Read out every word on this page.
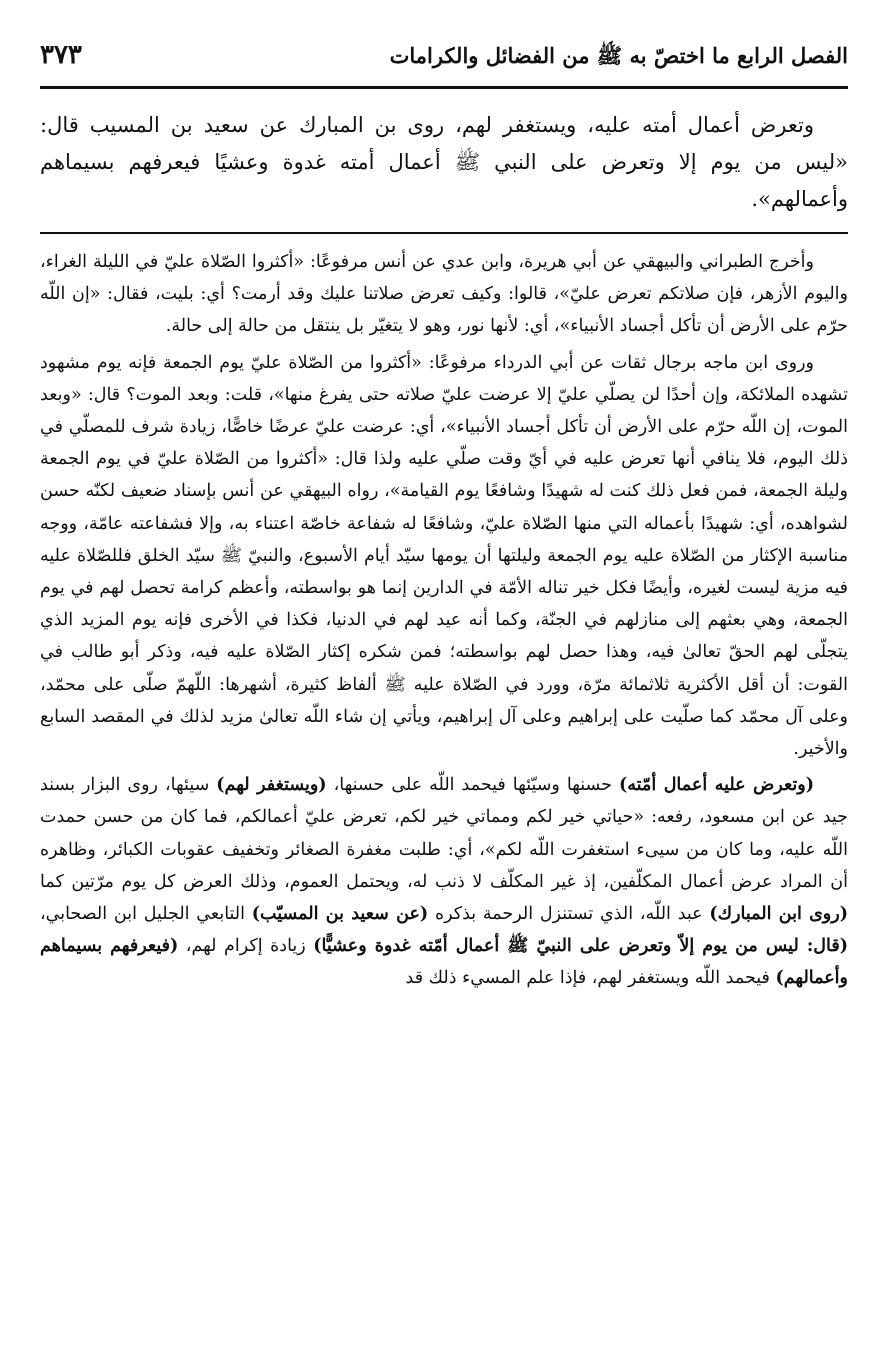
الفصل الرابع ما اختصّ به ﷺ من الفضائل والكرامات
٣٧٣

وتعرض أعمال أمته عليه، ويستغفر لهم، روى بن المبارك عن سعيد بن المسيب قال: «ليس من يوم إلا وتعرض على النبي ﷺ أعمال أمته غدوة وعشيًا فيعرفهم بسيماهم وأعمالهم».

وأخرج الطبراني والبيهقي عن أبي هريرة، وابن عدي عن أنس مرفوعًا: «أكثروا الصّلاة عليّ في الليلة الغراء، واليوم الأزهر، فإن صلاتكم تعرض عليّ»، قالوا: وكيف تعرض صلاتنا عليك وقد أرمت؟ أي: بليت، فقال: «إن اللّه حرّم على الأرض أن تأكل أجساد الأنبياء»، أي: لأنها نور، وهو لا يتغيّر بل ينتقل من حالة إلى حالة.

وروى ابن ماجه برجال ثقات عن أبي الدرداء مرفوعًا: «أكثروا من الصّلاة عليّ يوم الجمعة فإنه يوم مشهود تشهده الملائكة، وإن أحدًا لن يصلّي عليّ إلا عرضت عليّ صلاته حتى يفرغ منها»، قلت: وبعد الموت؟ قال: «وبعد الموت، إن اللّه حرّم على الأرض أن تأكل أجساد الأنبياء»، أي: عرضت عليّ عرضًا خاصًّا، زيادة شرف للمصلّي في ذلك اليوم، فلا ينافي أنها تعرض عليه في أيّ وقت صلّي عليه ولذا قال: «أكثروا من الصّلاة عليّ في يوم الجمعة وليلة الجمعة، فمن فعل ذلك كنت له شهيدًا وشافعًا يوم القيامة»، رواه البيهقي عن أنس بإسناد ضعيف لكنّه حسن لشواهده، أي: شهيدًا بأعماله التي منها الصّلاة عليّ، وشافعًا له شفاعة خاصّة اعتناء به، وإلا فشفاعته عامّة، ووجه مناسبة الإكثار من الصّلاة عليه يوم الجمعة وليلتها أن يومها سيّد أيام الأسبوع، والنبيّ ﷺ سيّد الخلق فللصّلاة عليه فيه مزية ليست لغيره، وأيضًا فكل خير تناله الأمّة في الدارين إنما هو بواسطته، وأعظم كرامة تحصل لهم في يوم الجمعة، وهي بعثهم إلى منازلهم في الجنّة، وكما أنه عيد لهم في الدنيا، فكذا في الأخرى فإنه يوم المزيد الذي يتجلّى لهم الحقّ تعالىٰ فيه، وهذا حصل لهم بواسطته؛ فمن شكره إكثار الصّلاة عليه فيه، وذكر أبو طالب في القوت: أن أقل الأكثرية ثلاثمائة مرّة، وورد في الصّلاة عليه ﷺ ألفاظ كثيرة، أشهرها: اللّهمّ صلّى على محمّد، وعلى آل محمّد كما صلّيت على إبراهيم وعلى آل إبراهيم، ويأتي إن شاء اللّه تعالىٰ مزيد لذلك في المقصد السابع والأخير.

(وتعرض عليه أعمال أمّته) حسنها وسيّئها فيحمد اللّه على حسنها، (ويستغفر لهم) سيئها، روى البزار بسند جيد عن ابن مسعود، رفعه: «حياتي خير لكم ومماتي خير لكم، تعرض عليّ أعمالكم، فما كان من حسن حمدت اللّه عليه، وما كان من سيىء استغفرت اللّه لكم»، أي: طلبت مغفرة الصغائر وتخفيف عقوبات الكبائر، وظاهره أن المراد عرض أعمال المكلّفين، إذ غير المكلّف لا ذنب له، ويحتمل العموم، وذلك العرض كل يوم مرّتين كما (روى ابن المبارك) عبد اللّه، الذي تستنزل الرحمة بذكره (عن سعيد بن المسيّب) التابعي الجليل ابن الصحابي، (قال: ليس من يوم إلاّ وتعرض على النبيّ ﷺ أعمال أمّته غدوة وعشيًّا) زيادة إكرام لهم، (فيعرفهم بسيماهم وأعمالهم) فيحمد اللّه ويستغفر لهم، فإذا علم المسيء ذلك قد
